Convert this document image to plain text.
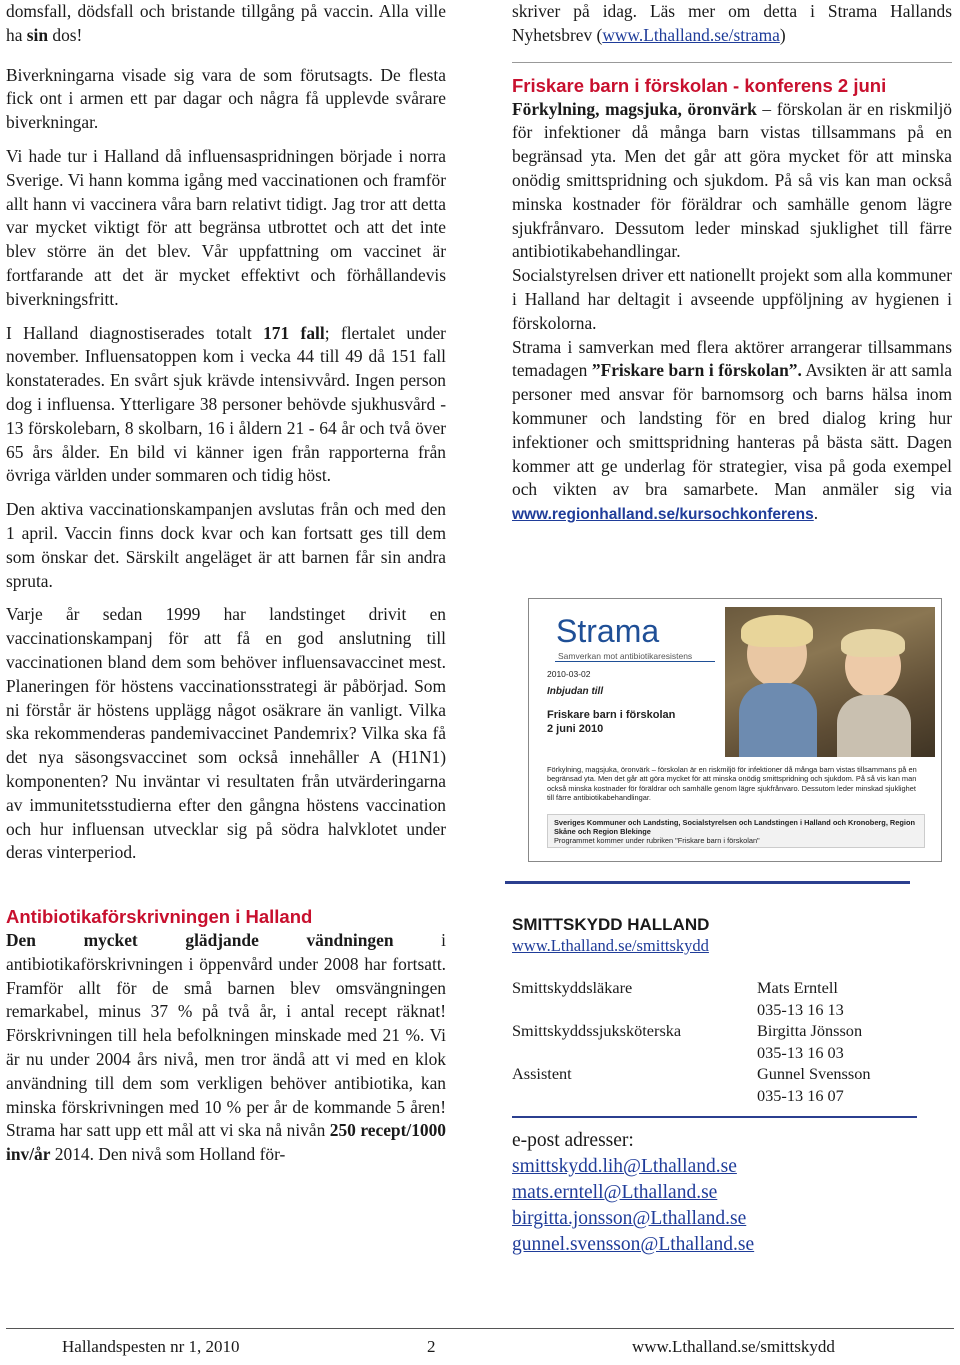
domsfall, dödsfall och bristande tillgång på vaccin. Alla ville ha sin dos!

Biverkningarna visade sig vara de som förutsagts. De flesta fick ont i armen ett par dagar och några få upplevde svårare biverkningar.

Vi hade tur i Halland då influensaspridningen började i norra Sverige. Vi hann komma igång med vaccinationen och framför allt hann vi vaccinera våra barn relativt tidigt. Jag tror att detta var mycket viktigt för att begränsa utbrottet och att det inte blev större än det blev. Vår uppfattning om vaccinet är fortfarande att det är mycket effektivt och förhållandevis biverkningsfritt.

I Halland diagnostiserades totalt 171 fall; flertalet under november. Influensatoppen kom i vecka 44 till 49 då 151 fall konstaterades. En svårt sjuk krävde intensivvård. Ingen person dog i influensa. Ytterligare 38 personer behövde sjukhusvård - 13 förskolebarn, 8 skolbarn, 16 i åldern 21 - 64 år och två över 65 års ålder. En bild vi känner igen från rapporterna från övriga världen under sommaren och tidig höst.

Den aktiva vaccinationskampanjen avslutas från och med den 1 april. Vaccin finns dock kvar och kan fortsatt ges till dem som önskar det. Särskilt angeläget är att barnen får sin andra spruta.

Varje år sedan 1999 har landstinget drivit en vaccinationskampanj för att få en god anslutning till vaccinationen bland dem som behöver influensavaccinet mest. Planeringen för höstens vaccinationsstrategi är påbörjad. Som ni förstår är höstens upplägg något osäkrare än vanligt. Vilka ska rekommenderas pandemivaccinet Pandemrix? Vilka ska få det nya säsongsvaccinet som också innehåller A (H1N1) komponenten? Nu inväntar vi resultaten från utvärderingarna av immunitetsstudierna efter den gångna höstens vaccination och hur influensan utvecklar sig på södra halvklotet under deras vinterperiod.

Antibiotikaförskrivningen i Halland

Den mycket glädjande vändningen i antibiotikaförskrivningen i öppenvård under 2008 har fortsatt. Framför allt för de små barnen blev omsvängningen remarkabel, minus 37 % på två år, i antal recept räknat! Förskrivningen till hela befolkningen minskade med 21 %. Vi är nu under 2004 års nivå, men tror ändå att vi med en klok användning till dem som verkligen behöver antibiotika, kan minska förskrivningen med 10 % per år de kommande 5 åren! Strama har satt upp ett mål att vi ska nå nivån 250 recept/1000 inv/år 2014. Den nivå som Holland för-

skriver på idag. Läs mer om detta i Strama Hallands Nyhetsbrev (www.Lthalland.se/strama)

Friskare barn i förskolan - konferens 2 juni

Förkylning, magsjuka, öronvärk – förskolan är en riskmiljö för infektioner då många barn vistas tillsammans på en begränsad yta. Men det går att göra mycket för att minska onödig smittspridning och sjukdom. På så vis kan man också minska kostnader för föräldrar och samhälle genom lägre sjukfrånvaro. Dessutom leder minskad sjuklighet till färre antibiotikabehandlingar.

Socialstyrelsen driver ett nationellt projekt som alla kommuner i Halland har deltagit i avseende uppföljning av hygienen i förskolorna.

Strama i samverkan med flera aktörer arrangerar tillsammans temadagen ”Friskare barn i förskolan”. Avsikten är att samla personer med ansvar för barnomsorg och barns hälsa inom kommuner och landsting för en bred dialog kring hur infektioner och smittspridning hanteras på bästa sätt. Dagen kommer att ge underlag för strategier, visa på goda exempel och vikten av bra samarbete. Man anmäler sig via www.regionhalland.se/kursochkonferens.

Strama
Samverkan mot antibiotikaresistens
2010-03-02
Inbjudan till
Friskare barn i förskolan
2 juni 2010
Förkylning, magsjuka, öronvärk – förskolan är en riskmiljö för infektioner då många barn vistas tillsammans på en begränsad yta. Men det går att göra mycket för att minska onödig smittspridning och sjukdom. På så vis kan man också minska kostnader för föräldrar och samhälle genom lägre sjukfrånvaro. Dessutom leder minskad sjuklighet till färre antibiotikabehandlingar.
Sveriges Kommuner och Landsting, Socialstyrelsen och Landstingen i Halland och Kronoberg, Region Skåne och Region Blekinge
Programmet kommer under rubriken "Friskare barn i förskolan"
SMITTSKYDD HALLAND
www.Lthalland.se/smittskydd
Smittskyddsläkare	Mats Erntell
035-13 16 13
Smittskyddssjuksköterska	Birgitta Jönsson
035-13 16 03
Assistent	Gunnel Svensson
035-13 16 07
e-post adresser:
smittskydd.lih@Lthalland.se
mats.erntell@Lthalland.se
birgitta.jonsson@Lthalland.se
gunnel.svensson@Lthalland.se
Hallandspesten nr 1, 2010	2	www.Lthalland.se/smittskydd
